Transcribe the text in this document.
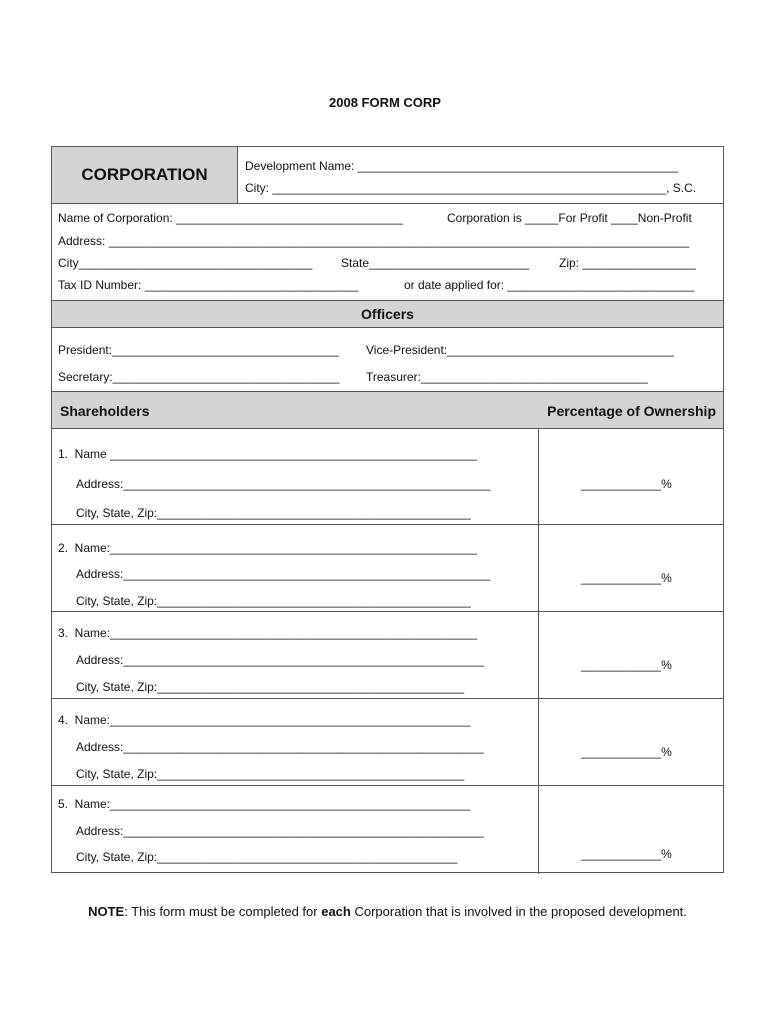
2008 FORM CORP
CORPORATION	Development Name: ________________________________________________
City: ___________________________________________________________, S.C.
Name of Corporation: __________________________________	Corporation is _____For Profit ____Non-Profit
Address: _______________________________________________________________________________________
City___________________________________ State________________________ Zip: _________________
Tax ID Number: ________________________________	or date applied for: ____________________________
Officers
President:__________________________________ Vice-President:__________________________________
Secretary:__________________________________ Treasurer:__________________________________
Shareholders	Percentage of Ownership
1.  Name _______________________________________________________
Address:_______________________________________________________
City, State, Zip:_______________________________________________
____________%
2.  Name:_______________________________________________________
Address:_______________________________________________________
City, State, Zip:_______________________________________________
____________%
3.  Name:_______________________________________________________
Address:______________________________________________________
City, State, Zip:______________________________________________
____________%
4.  Name:______________________________________________________
Address:______________________________________________________
City, State, Zip:______________________________________________
____________%
5.  Name:______________________________________________________
Address:______________________________________________________
City, State, Zip:_____________________________________________	____________%
NOTE: This form must be completed for each Corporation that is involved in the proposed development.
